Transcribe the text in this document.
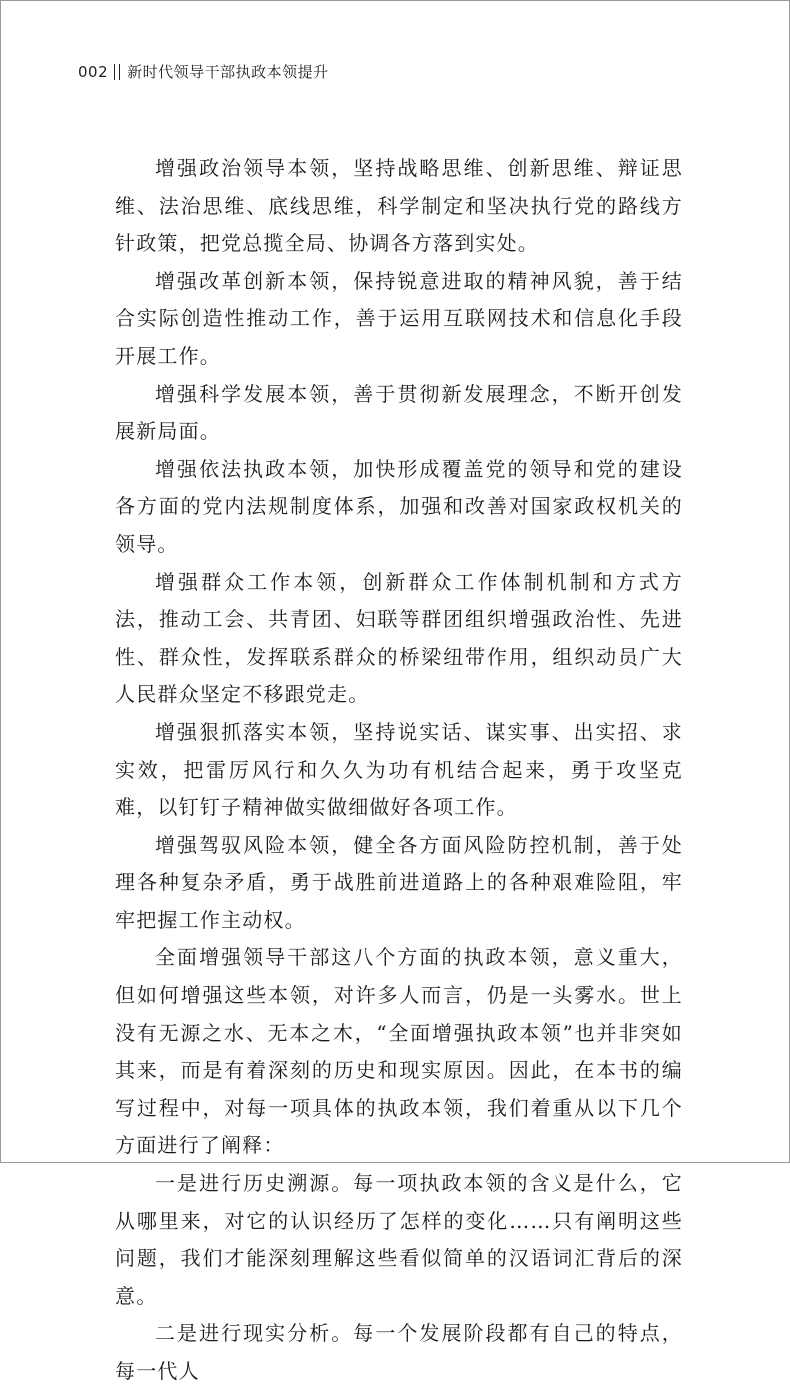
002 新时代领导干部执政本领提升

增强政治领导本领，坚持战略思维、创新思维、辩证思维、法治思维、底线思维，科学制定和坚决执行党的路线方针政策，把党总揽全局、协调各方落到实处。

增强改革创新本领，保持锐意进取的精神风貌，善于结合实际创造性推动工作，善于运用互联网技术和信息化手段开展工作。

增强科学发展本领，善于贯彻新发展理念，不断开创发展新局面。

增强依法执政本领，加快形成覆盖党的领导和党的建设各方面的党内法规制度体系，加强和改善对国家政权机关的领导。

增强群众工作本领，创新群众工作体制机制和方式方法，推动工会、共青团、妇联等群团组织增强政治性、先进性、群众性，发挥联系群众的桥梁纽带作用，组织动员广大人民群众坚定不移跟党走。

增强狠抓落实本领，坚持说实话、谋实事、出实招、求实效，把雷厉风行和久久为功有机结合起来，勇于攻坚克难，以钉钉子精神做实做细做好各项工作。

增强驾驭风险本领，健全各方面风险防控机制，善于处理各种复杂矛盾，勇于战胜前进道路上的各种艰难险阻，牢牢把握工作主动权。

全面增强领导干部这八个方面的执政本领，意义重大，但如何增强这些本领，对许多人而言，仍是一头雾水。世上没有无源之水、无本之木，“全面增强执政本领”也并非突如其来，而是有着深刻的历史和现实原因。因此，在本书的编写过程中，对每一项具体的执政本领，我们着重从以下几个方面进行了阐释：

一是进行历史溯源。每一项执政本领的含义是什么，它从哪里来，对它的认识经历了怎样的变化……只有阐明这些问题，我们才能深刻理解这些看似简单的汉语词汇背后的深意。

二是进行现实分析。每一个发展阶段都有自己的特点，每一代人
